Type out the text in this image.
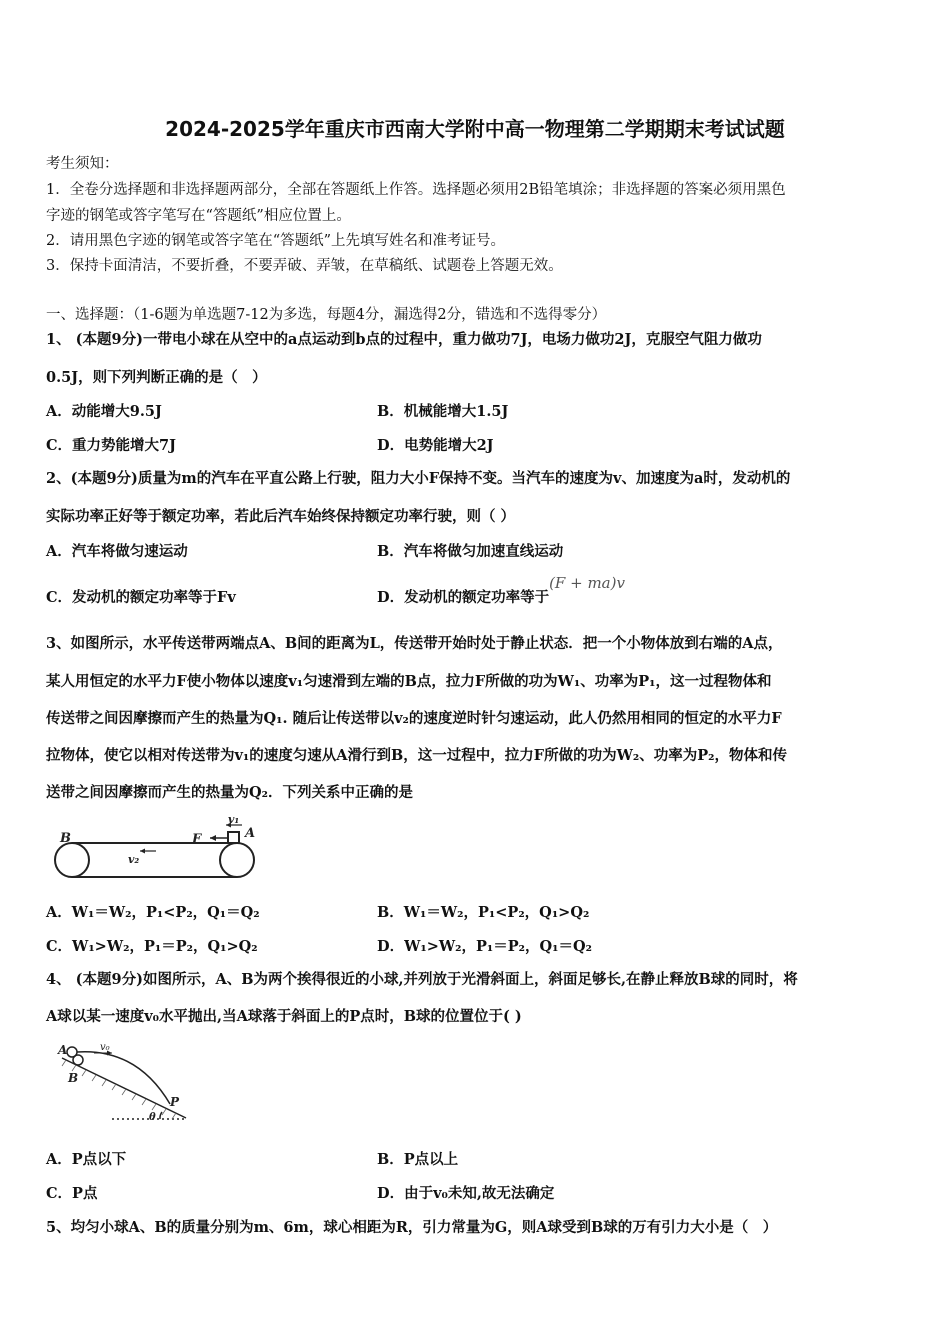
2024-2025学年重庆市西南大学附中高一物理第二学期期末考试试题
考生须知：
1．全卷分选择题和非选择题两部分，全部在答题纸上作答。选择题必须用2B铅笔填涂；非选择题的答案必须用黑色
字迹的钢笔或答字笔写在“答题纸”相应位置上。
2．请用黑色字迹的钢笔或答字笔在“答题纸”上先填写姓名和准考证号。
3．保持卡面清洁，不要折叠，不要弄破、弄皱，在草稿纸、试题卷上答题无效。
一、选择题：（1-6题为单选题7-12为多选，每题4分，漏选得2分，错选和不选得零分）
1、 (本题9分)一带电小球在从空中的a点运动到b点的过程中，重力做功7J，电场力做功2J，克服空气阻力做功
0.5J，则下列判断正确的是（　）
A．动能增大9.5J	B．机械能增大1.5J
C．重力势能增大7J	D．电势能增大2J
2、(本题9分)质量为m的汽车在平直公路上行驶，阻力大小F保持不变。当汽车的速度为v、加速度为a时，发动机的
实际功率正好等于额定功率，若此后汽车始终保持额定功率行驶，则（ ）
A．汽车将做匀速运动	B．汽车将做匀加速直线运动
C．发动机的额定功率等于Fv	D．发动机的额定功率等于(F + ma)v
3、如图所示，水平传送带两端点A、B间的距离为L，传送带开始时处于静止状态．把一个小物体放到右端的A点，
某人用恒定的水平力F使小物体以速度v₁匀速滑到左端的B点，拉力F所做的功为W₁、功率为P₁，这一过程物体和
传送带之间因摩擦而产生的热量为Q₁. 随后让传送带以v₂的速度逆时针匀速运动，此人仍然用相同的恒定的水平力F
拉物体，使它以相对传送带为v₁的速度匀速从A滑行到B，这一过程中，拉力F所做的功为W₂、功率为P₂，物体和传
送带之间因摩擦而产生的热量为Q₂．下列关系中正确的是
B	F
v₁
A
v₂
A．W₁＝W₂，P₁<P₂，Q₁＝Q₂	B．W₁＝W₂，P₁<P₂，Q₁>Q₂
C．W₁>W₂，P₁＝P₂，Q₁>Q₂	D．W₁>W₂，P₁＝P₂，Q₁＝Q₂
4、 (本题9分)如图所示，A、B为两个挨得很近的小球,并列放于光滑斜面上，斜面足够长,在静止释放B球的同时，将
A球以某一速度v₀水平抛出,当A球落于斜面上的P点时，B球的位置位于( )
A	v₀
B
P
θ
A．P点以下	B．P点以上
C．P点	D．由于v₀未知,故无法确定
5、均匀小球A、B的质量分别为m、6m，球心相距为R，引力常量为G，则A球受到B球的万有引力大小是（　）
